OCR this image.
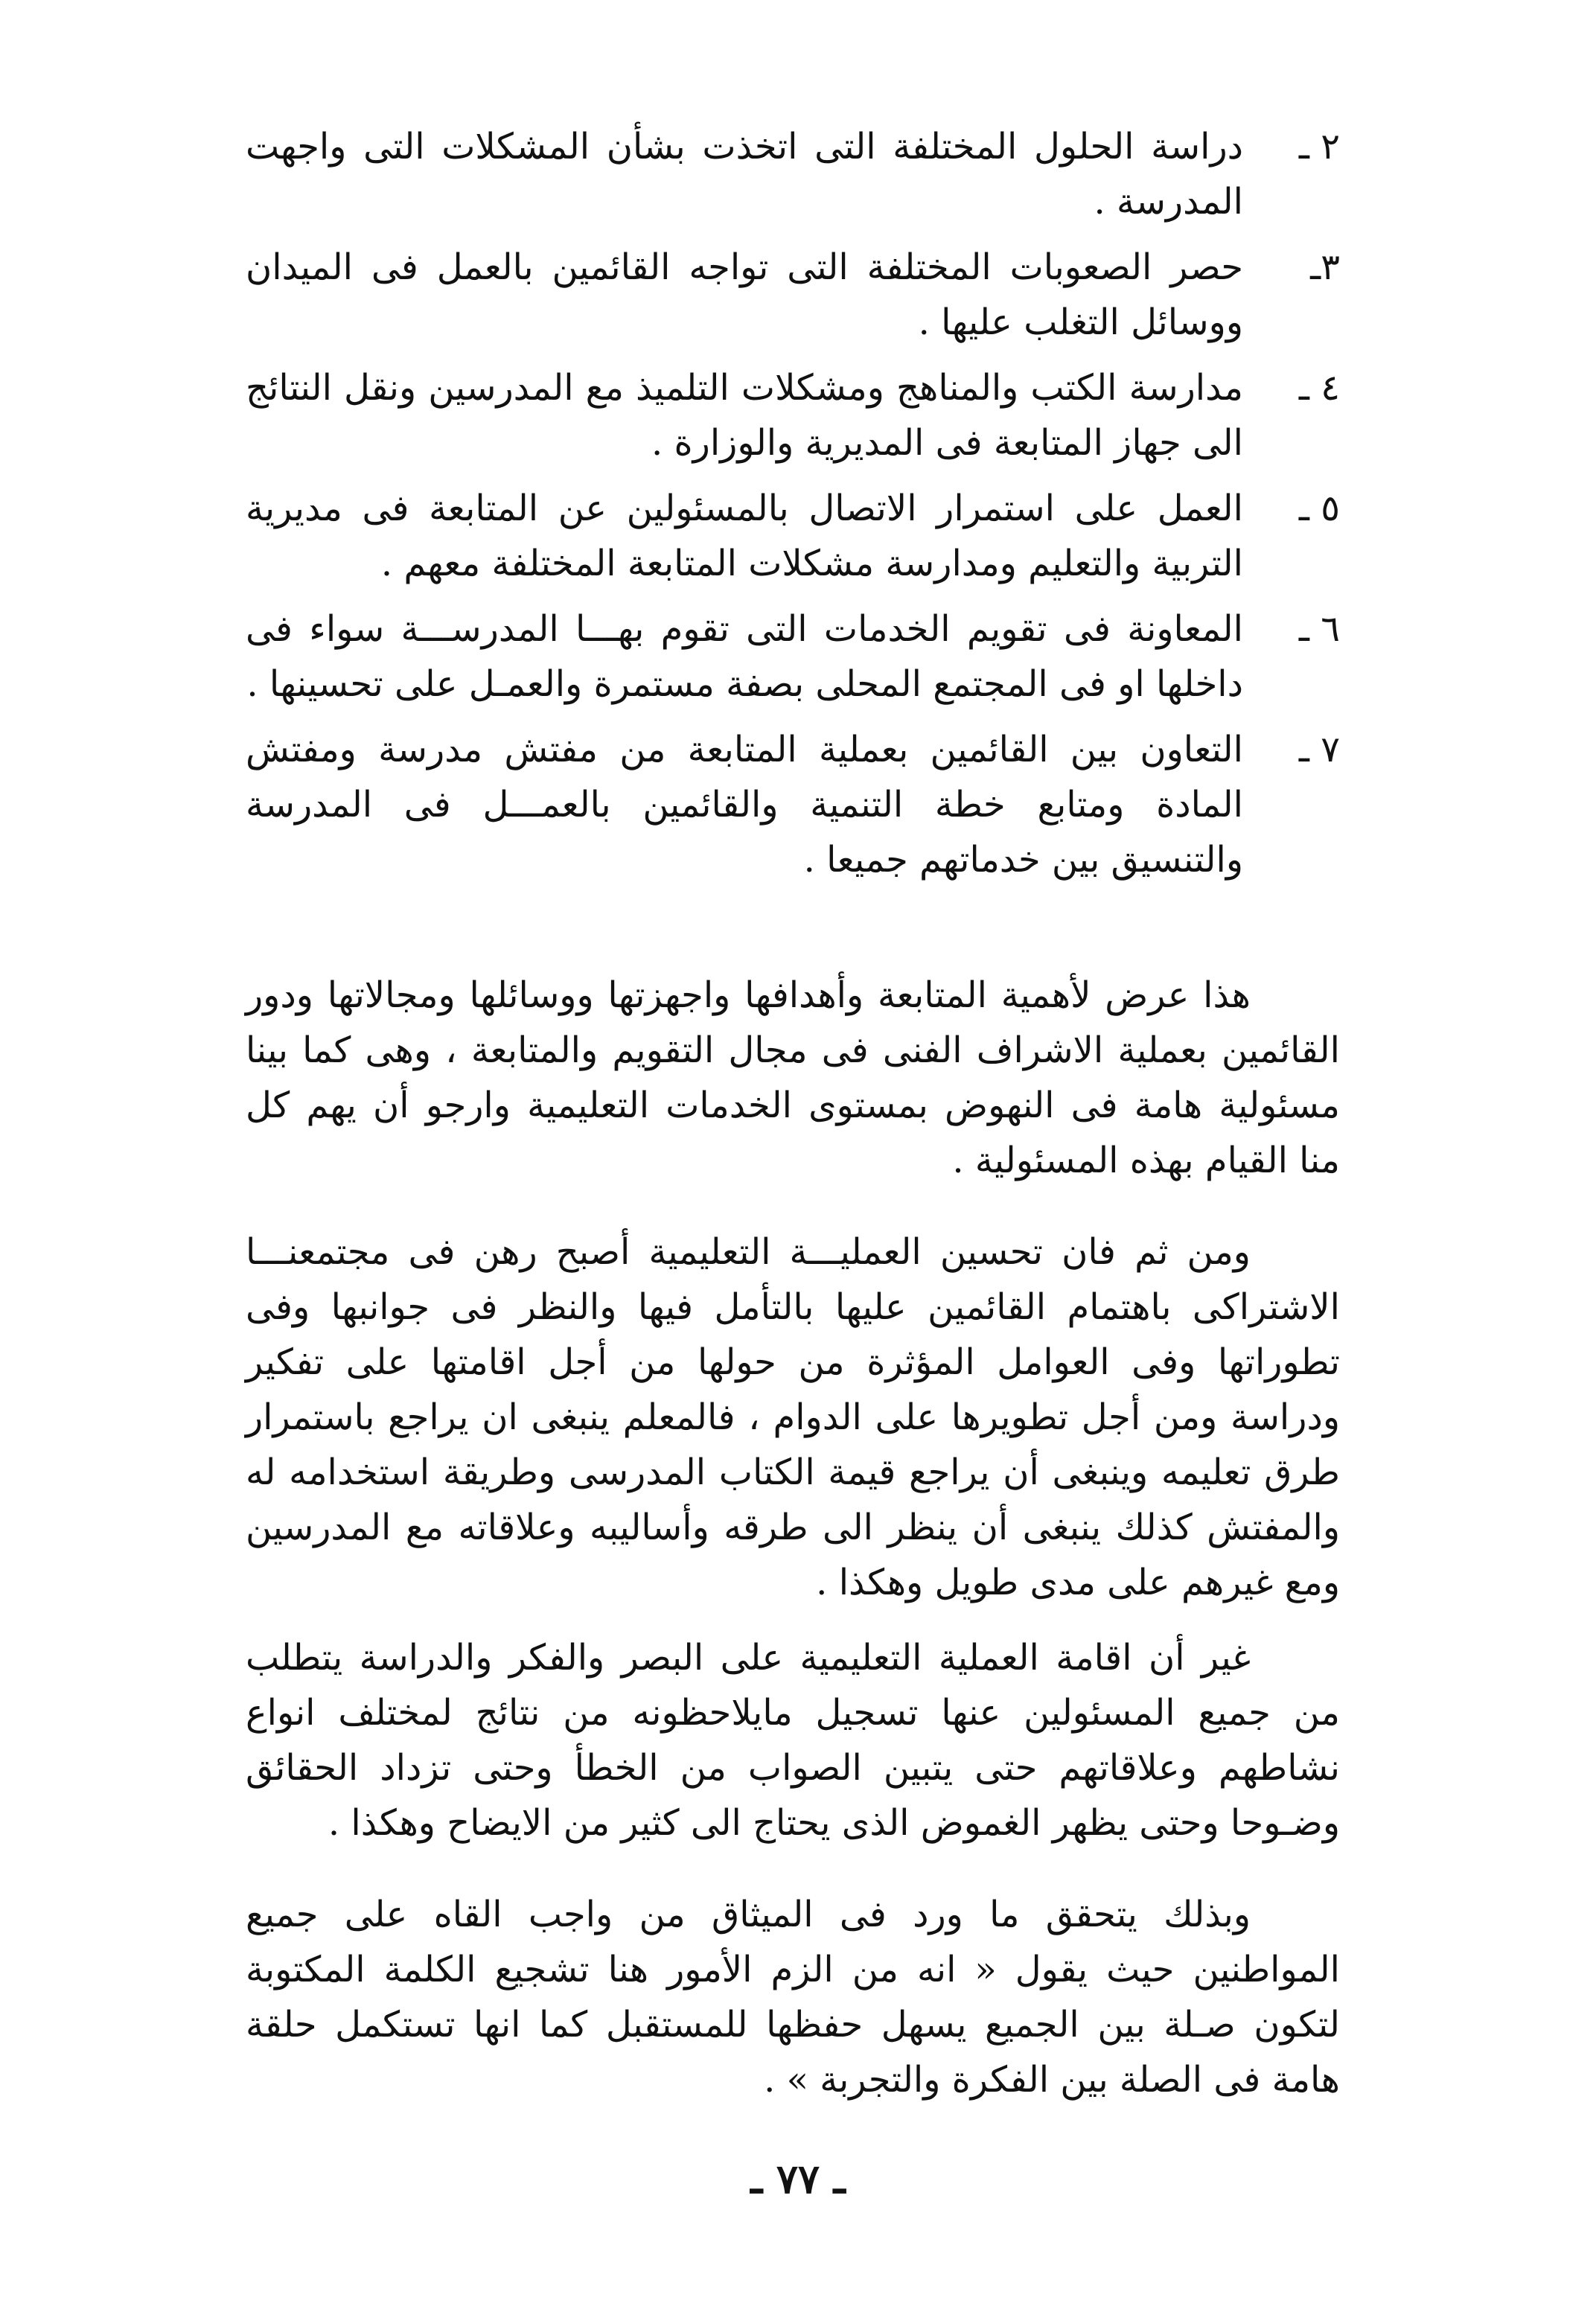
٢ ـ
دراسة الحلول المختلفة التى اتخذت بشأن المشكلات التى واجهت المدرسة .
٣ـ
حصر الصعوبات المختلفة التى تواجه القائمين بالعمل فى الميدان ووسائل التغلب عليها .
٤ ـ
مدارسة الكتب والمناهج ومشكلات التلميذ مع المدرسين ونقل النتائج الى جهاز المتابعة فى المديرية والوزارة .
٥ ـ
العمل على استمرار الاتصال بالمسئولين عن المتابعة فى مديرية التربية والتعليم ومدارسة مشكلات المتابعة المختلفة معهم .
٦ ـ
المعاونة فى تقويم الخدمات التى تقوم بهـــا المدرســـة سواء فى داخلها او فى المجتمع المحلى بصفة مستمرة والعمـل على تحسينها .
٧ ـ
التعاون بين القائمين بعملية المتابعة من مفتش مدرسة ومفتش المادة ومتابع خطة التنمية والقائمين بالعمـــل فى المدرسة والتنسيق بين خدماتهم جميعا .

هذا عرض لأهمية المتابعة وأهدافها واجهزتها ووسائلها ومجالاتها ودور القائمين بعملية الاشراف الفنى فى مجال التقويم والمتابعة ، وهى كما بينا مسئولية هامة فى النهوض بمستوى الخدمات التعليمية وارجو أن يهم كل منا القيام بهذه المسئولية .

ومن ثم فان تحسين العمليـــة التعليمية أصبح رهن فى مجتمعنـــا الاشتراكى باهتمام القائمين عليها بالتأمل فيها والنظر فى جوانبها وفى تطوراتها وفى العوامل المؤثرة من حولها من أجل اقامتها على تفكير ودراسة ومن أجل تطويرها على الدوام ، فالمعلم ينبغى ان يراجع باستمرار طرق تعليمه وينبغى أن يراجع قيمة الكتاب المدرسى وطريقة استخدامه له والمفتش كذلك ينبغى أن ينظر الى طرقه وأساليبه وعلاقاته مع المدرسين ومع غيرهم على مدى طويل وهكذا .

غير أن اقامة العملية التعليمية على البصر والفكر والدراسة يتطلب من جميع المسئولين عنها تسجيل مايلاحظونه من نتائج لمختلف انواع نشاطهم وعلاقاتهم حتى يتبين الصواب من الخطأ وحتى تزداد الحقائق وضـوحا وحتى يظهر الغموض الذى يحتاج الى كثير من الايضاح وهكذا .

وبذلك يتحقق ما ورد فى الميثاق من واجب القاه على جميع المواطنين حيث يقول « انه من الزم الأمور هنا تشجيع الكلمة المكتوبة لتكون صـلة بين الجميع يسهل حفظها للمستقبل كما انها تستكمل حلقة هامة فى الصلة بين الفكرة والتجربة » .

ـ ٧٧ ـ
